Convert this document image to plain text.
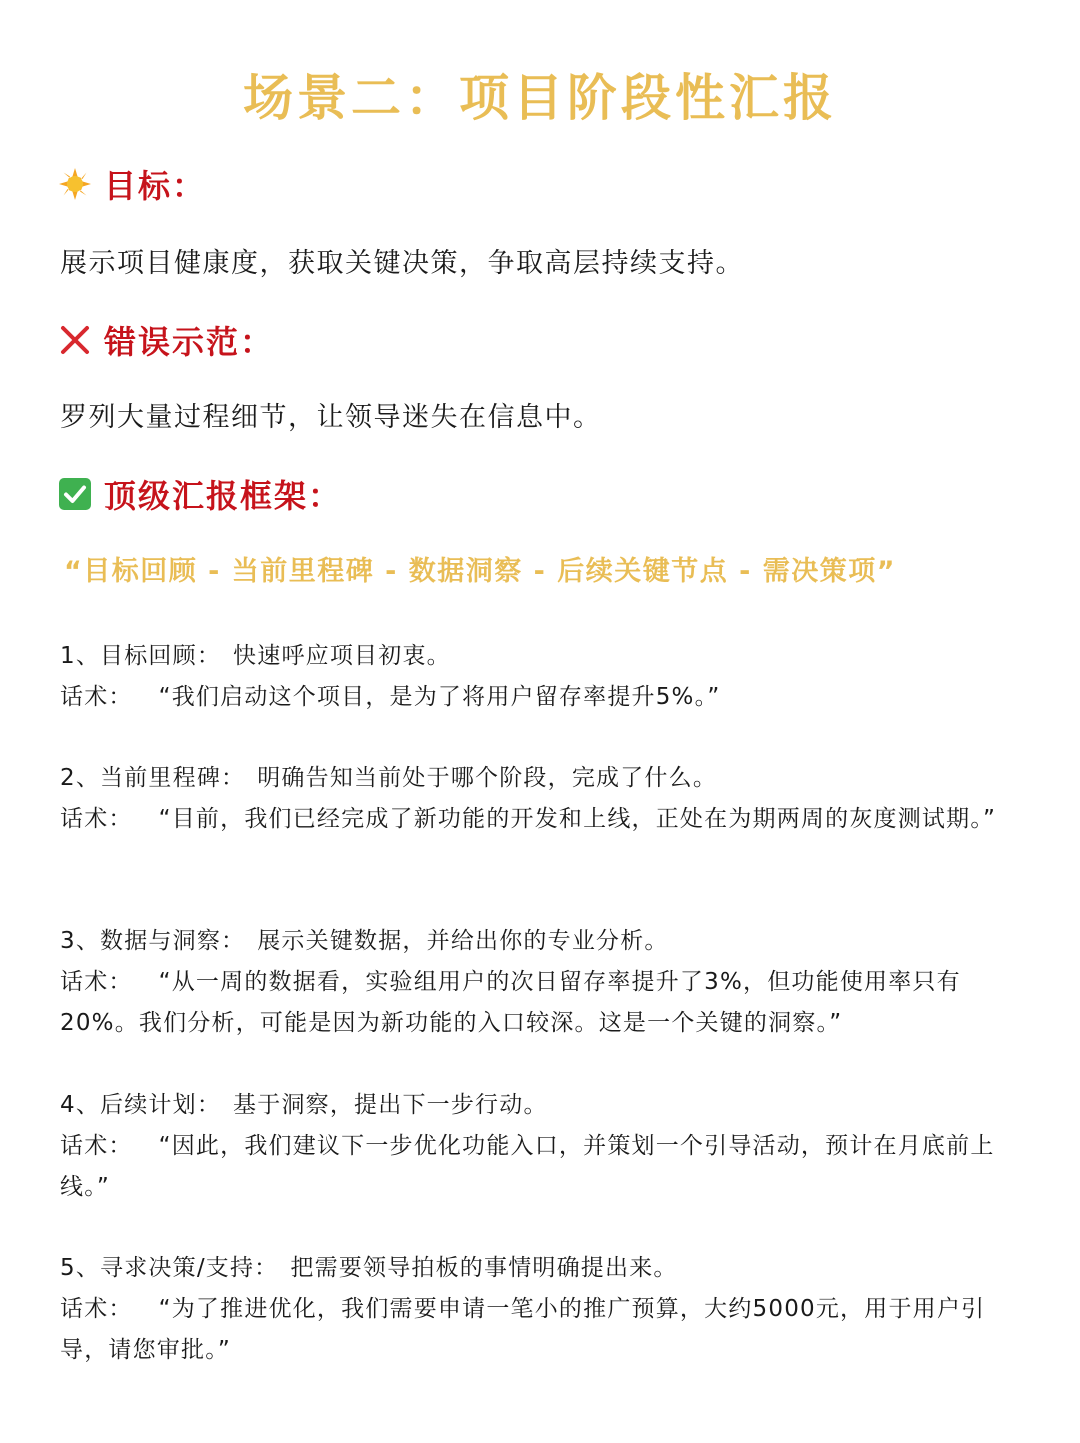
场景二：项目阶段性汇报
目标：
展示项目健康度，获取关键决策，争取高层持续支持。
错误示范：
罗列大量过程细节，让领导迷失在信息中。
顶级汇报框架：
“目标回顾 - 当前里程碑 - 数据洞察 - 后续关键节点 - 需决策项”
1、目标回顾： 快速呼应项目初衷。
话术： “我们启动这个项目，是为了将用户留存率提升5%。”
2、当前里程碑： 明确告知当前处于哪个阶段，完成了什么。
话术： “目前，我们已经完成了新功能的开发和上线，正处在为期两周的灰度测试期。”
3、数据与洞察： 展示关键数据，并给出你的专业分析。
话术： “从一周的数据看，实验组用户的次日留存率提升了3%，但功能使用率只有20%。我们分析，可能是因为新功能的入口较深。这是一个关键的洞察。”
4、后续计划： 基于洞察，提出下一步行动。
话术： “因此，我们建议下一步优化功能入口，并策划一个引导活动，预计在月底前上线。”
5、寻求决策/支持： 把需要领导拍板的事情明确提出来。
话术： “为了推进优化，我们需要申请一笔小的推广预算，大约5000元，用于用户引导，请您审批。”
